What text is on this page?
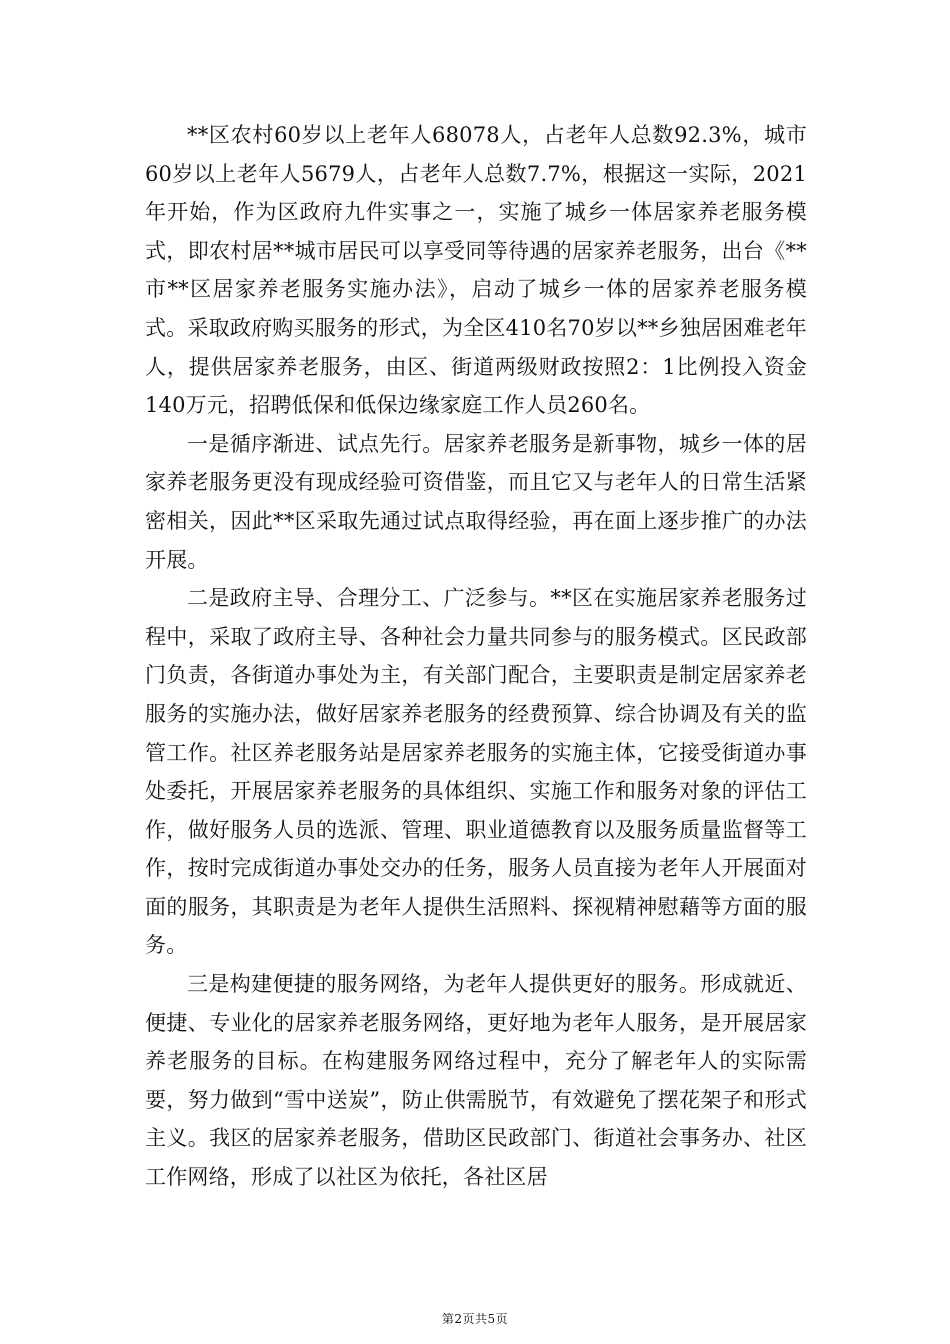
**区农村60岁以上老年人68078人，占老年人总数92.3%，城市60岁以上老年人5679人，占老年人总数7.7%，根据这一实际，2021年开始，作为区政府九件实事之一，实施了城乡一体居家养老服务模式，即农村居**城市居民可以享受同等待遇的居家养老服务，出台《**市**区居家养老服务实施办法》，启动了城乡一体的居家养老服务模式。采取政府购买服务的形式，为全区410名70岁以**乡独居困难老年人，提供居家养老服务，由区、街道两级财政按照2：1比例投入资金140万元，招聘低保和低保边缘家庭工作人员260名。

一是循序渐进、试点先行。居家养老服务是新事物，城乡一体的居家养老服务更没有现成经验可资借鉴，而且它又与老年人的日常生活紧密相关，因此**区采取先通过试点取得经验，再在面上逐步推广的办法开展。

二是政府主导、合理分工、广泛参与。**区在实施居家养老服务过程中，采取了政府主导、各种社会力量共同参与的服务模式。区民政部门负责，各街道办事处为主，有关部门配合，主要职责是制定居家养老服务的实施办法，做好居家养老服务的经费预算、综合协调及有关的监管工作。社区养老服务站是居家养老服务的实施主体，它接受街道办事处委托，开展居家养老服务的具体组织、实施工作和服务对象的评估工作，做好服务人员的选派、管理、职业道德教育以及服务质量监督等工作，按时完成街道办事处交办的任务，服务人员直接为老年人开展面对面的服务，其职责是为老年人提供生活照料、探视精神慰藉等方面的服务。

三是构建便捷的服务网络，为老年人提供更好的服务。形成就近、便捷、专业化的居家养老服务网络，更好地为老年人服务，是开展居家养老服务的目标。在构建服务网络过程中，充分了解老年人的实际需要，努力做到“雪中送炭”，防止供需脱节，有效避免了摆花架子和形式主义。我区的居家养老服务，借助区民政部门、街道社会事务办、社区工作网络，形成了以社区为依托，各社区居

第2页共5页
